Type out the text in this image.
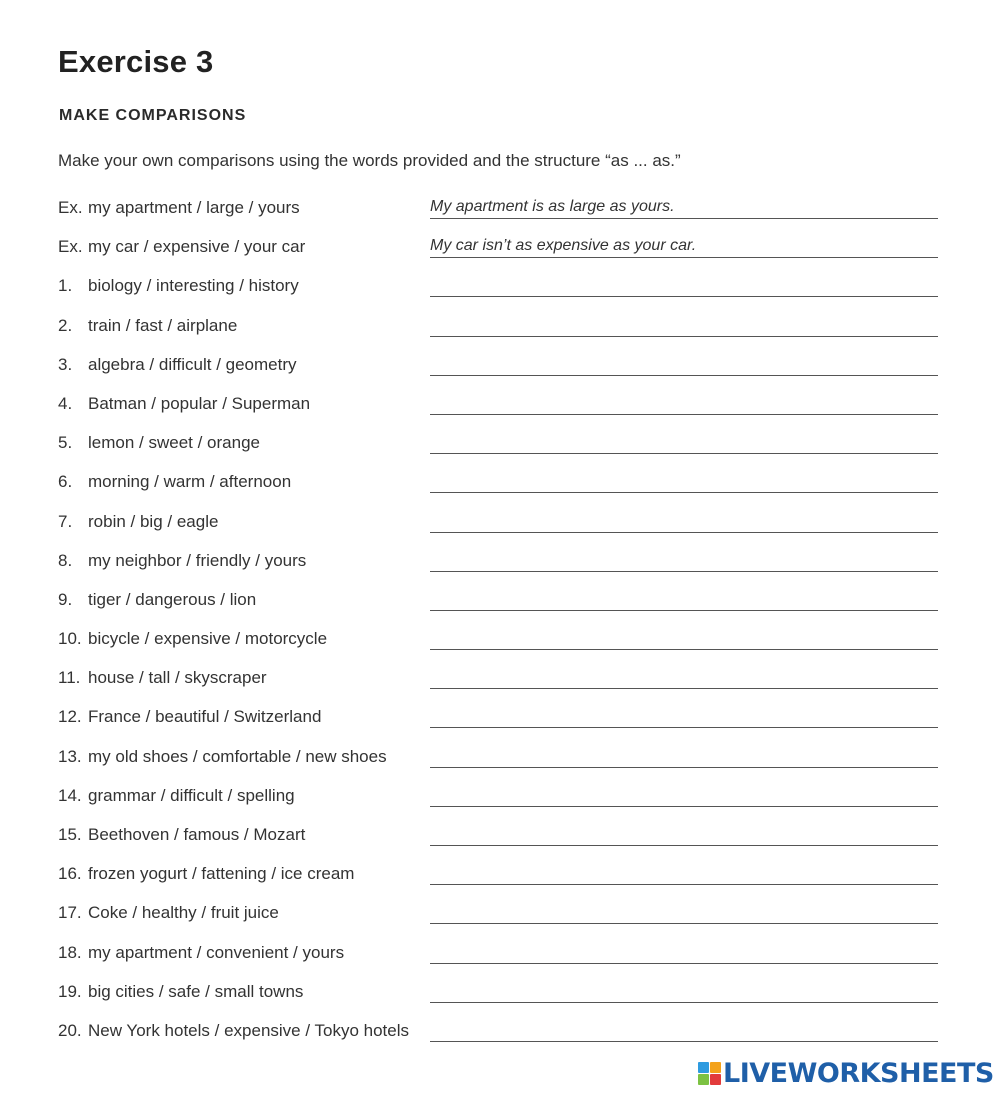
Exercise 3
MAKE COMPARISONS
Make your own comparisons using the words provided and the structure “as ... as.”
Ex. my apartment / large / yours
My apartment is as large as yours.
Ex. my car / expensive / your car
My car isn’t as expensive as your car.
1. biology / interesting / history
2. train / fast / airplane
3. algebra / difficult / geometry
4. Batman / popular / Superman
5. lemon / sweet / orange
6. morning / warm / afternoon
7. robin / big / eagle
8. my neighbor / friendly / yours
9. tiger / dangerous / lion
10. bicycle / expensive / motorcycle
11. house / tall / skyscraper
12. France / beautiful / Switzerland
13. my old shoes / comfortable / new shoes
14. grammar / difficult / spelling
15. Beethoven / famous / Mozart
16. frozen yogurt / fattening / ice cream
17. Coke / healthy / fruit juice
18. my apartment / convenient / yours
19. big cities / safe / small towns
20. New York hotels / expensive / Tokyo hotels
LIVEWORKSHEETS
